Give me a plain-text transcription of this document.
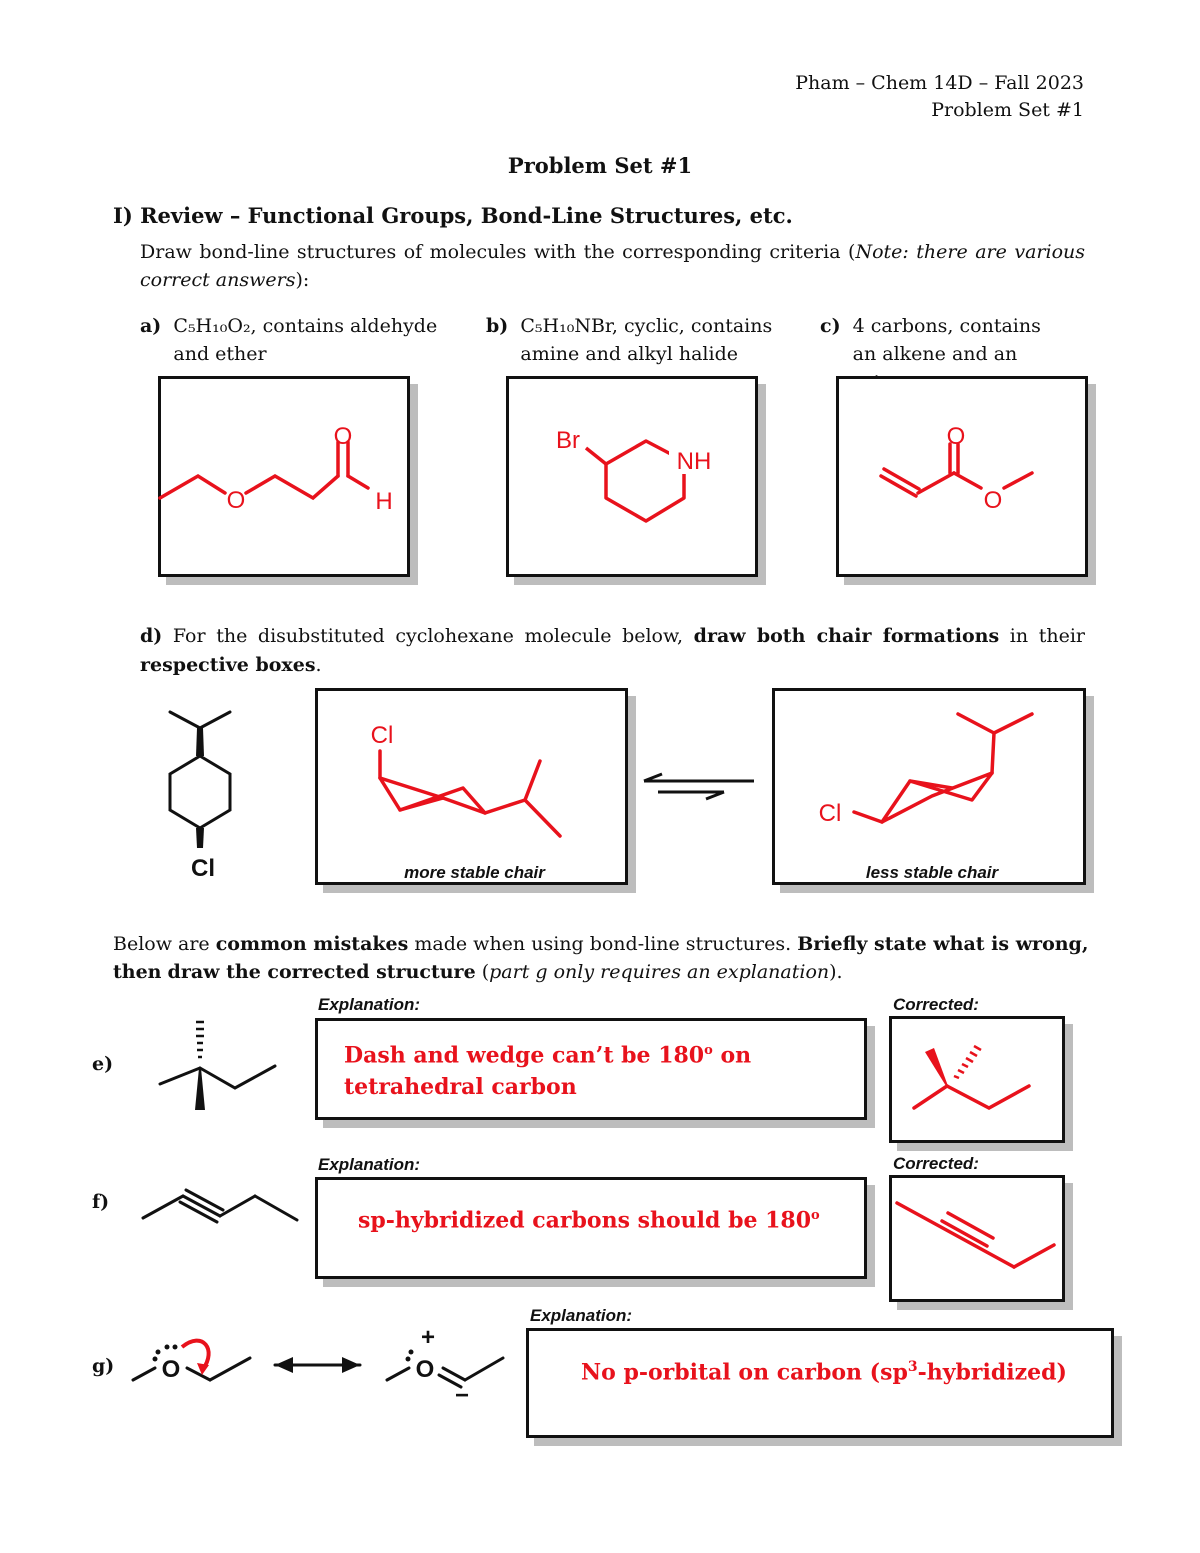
Pham – Chem 14D – Fall 2023
Problem Set #1
Problem Set #1
I) Review – Functional Groups, Bond-Line Structures, etc.
Draw bond-line structures of molecules with the corresponding criteria (Note: there are various correct answers):
a) C₅H₁₀O₂, contains aldehyde and ether
b) C₅H₁₀NBr, cyclic, contains amine and alkyl halide
c) 4 carbons, contains an alkene and an
O
O
H
Br
NH
O
O
d) For the disubstituted cyclohexane molecule below, draw both chair formations in their
respective boxes.
Cl
Cl
more stable chair
Cl
less stable chair
Below are common mistakes made when using bond-line structures. Briefly state what is wrong,
then draw the corrected structure (part g only requires an explanation).
e)
Explanation:
Dash and wedge can’t be 180$^o$ on
tetrahedral carbon
Corrected:
f)
Explanation:
sp-hybridized carbons should be 180$^o$
Corrected:
g) O	O
+
−
Explanation:
No p-orbital on carbon $(sp^3-hybridized)$
